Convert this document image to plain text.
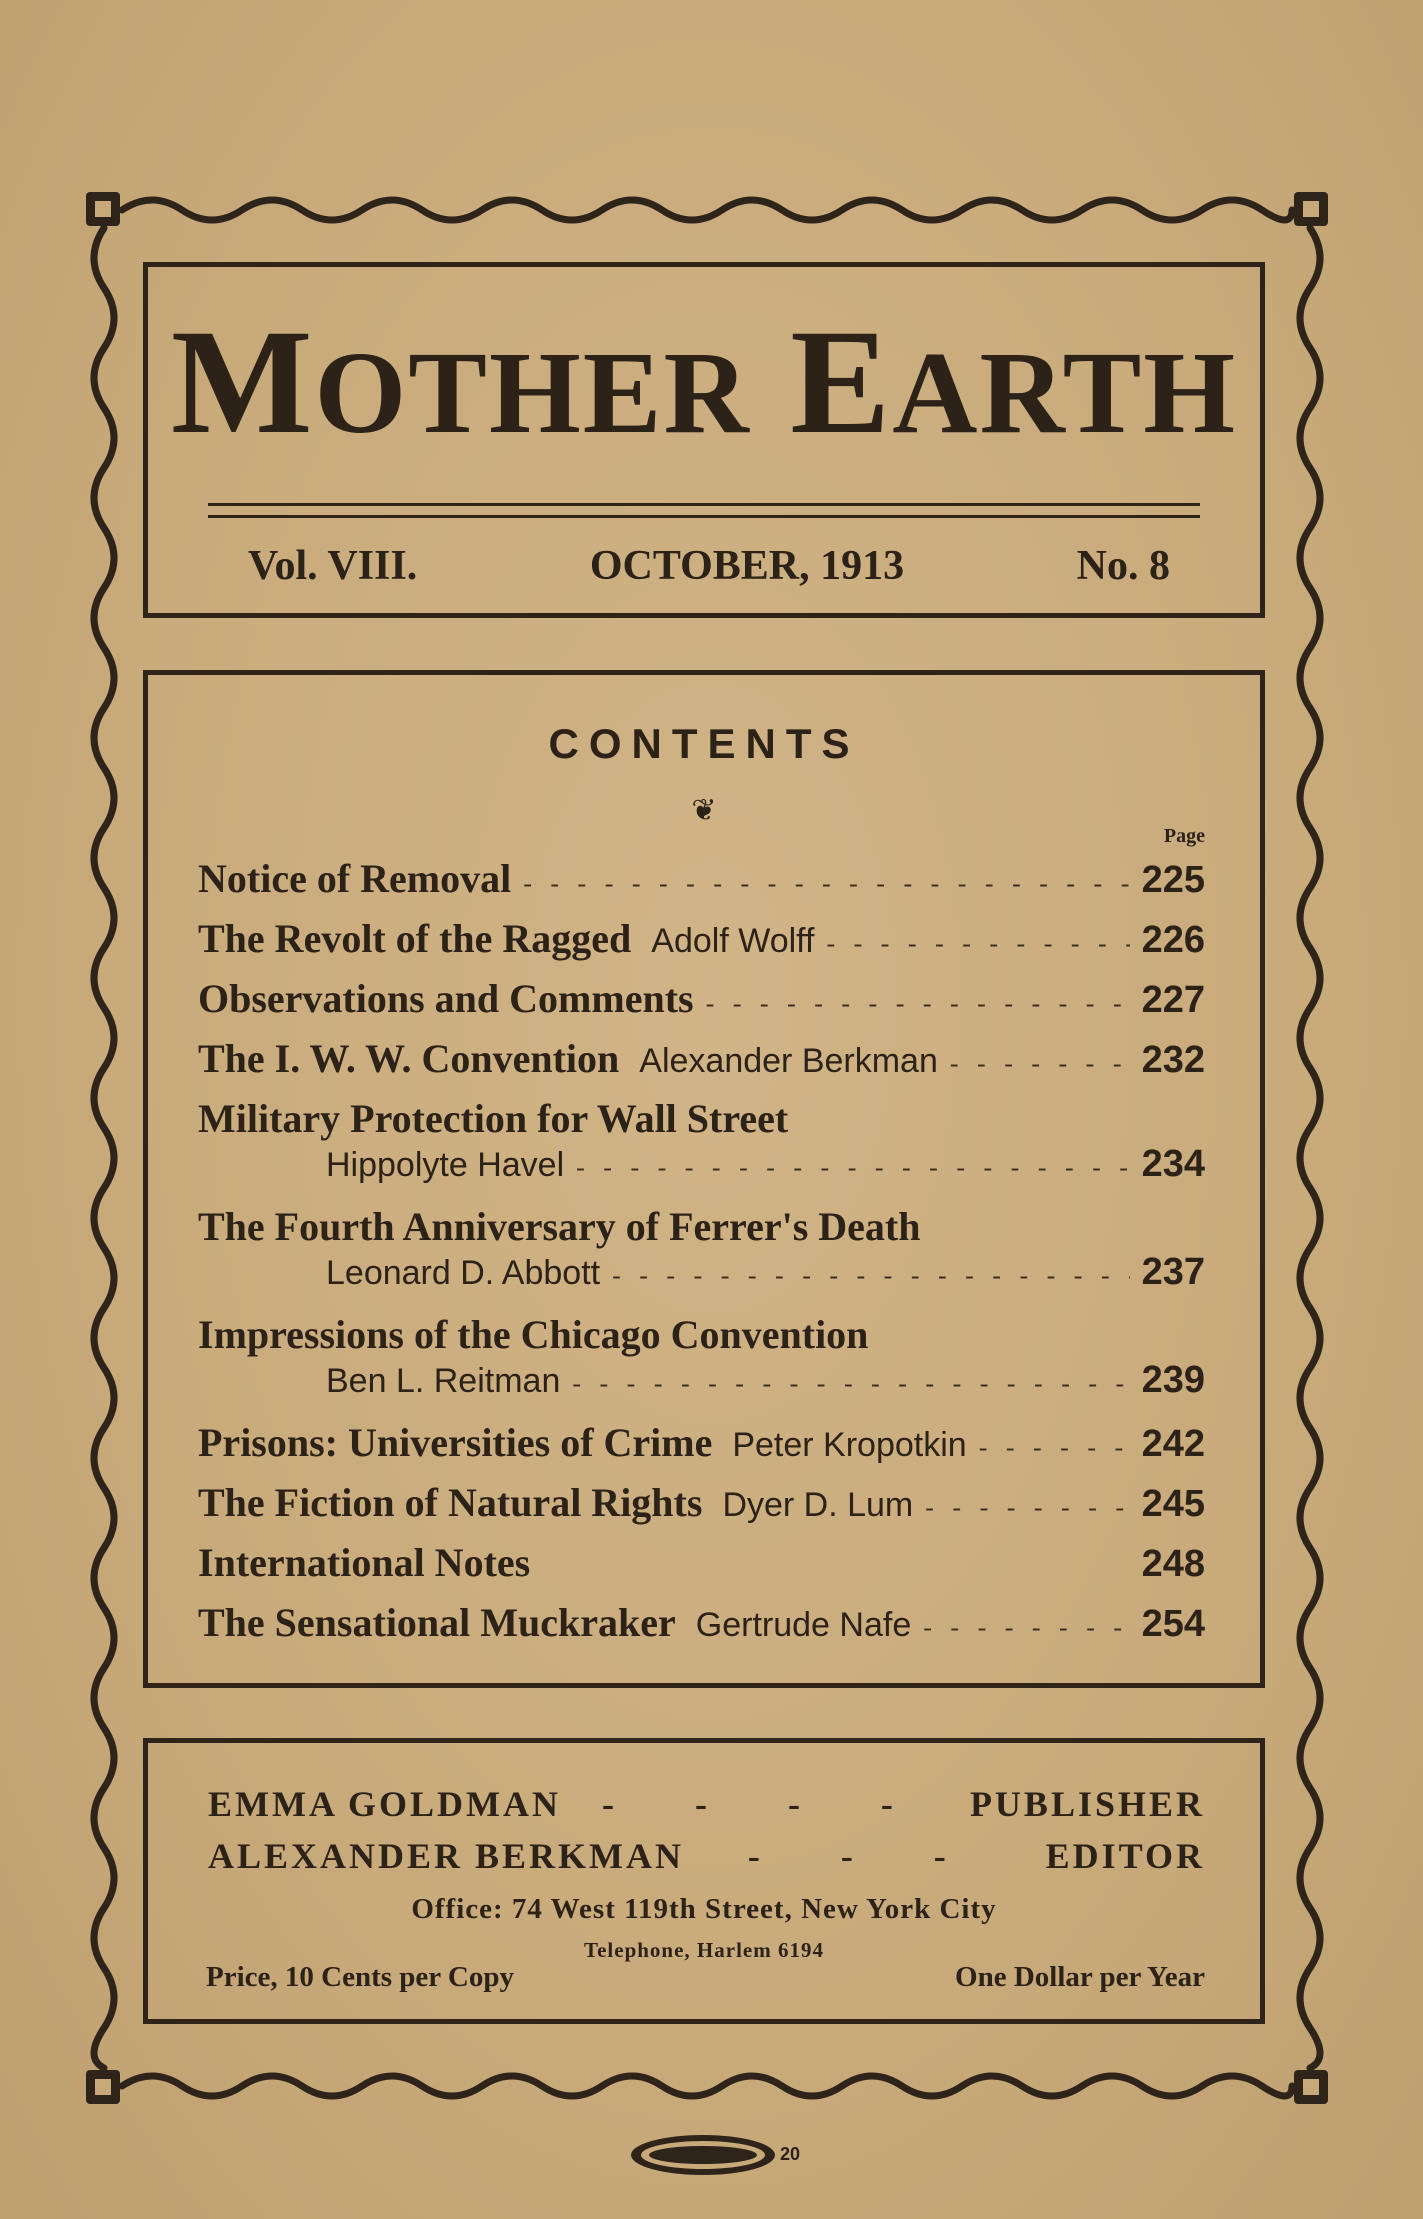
MOTHER EARTH
Vol. VIII.	OCTOBER, 1913	No. 8
CONTENTS
❦
Page
Notice of Removal - - -	225
The Revolt of the Ragged Adolf Wolff - - -	226
Observations and Comments - - -	227
The I. W. W. Convention Alexander Berkman - - -	232
Military Protection for Wall Street
Hippolyte Havel - - -	234
The Fourth Anniversary of Ferrer's Death
Leonard D. Abbott - - -	237
Impressions of the Chicago Convention
Ben L. Reitman - - -	239
Prisons: Universities of Crime Peter Kropotkin - - -	242
The Fiction of Natural Rights Dyer D. Lum - - -	245
International Notes	248
The Sensational Muckraker Gertrude Nafe - - -	254
EMMA GOLDMAN	- - - -	PUBLISHER
ALEXANDER BERKMAN	- - -	EDITOR
Office: 74 West 119th Street, New York City
Telephone, Harlem 6194
Price, 10 Cents per Copy	One Dollar per Year
20
